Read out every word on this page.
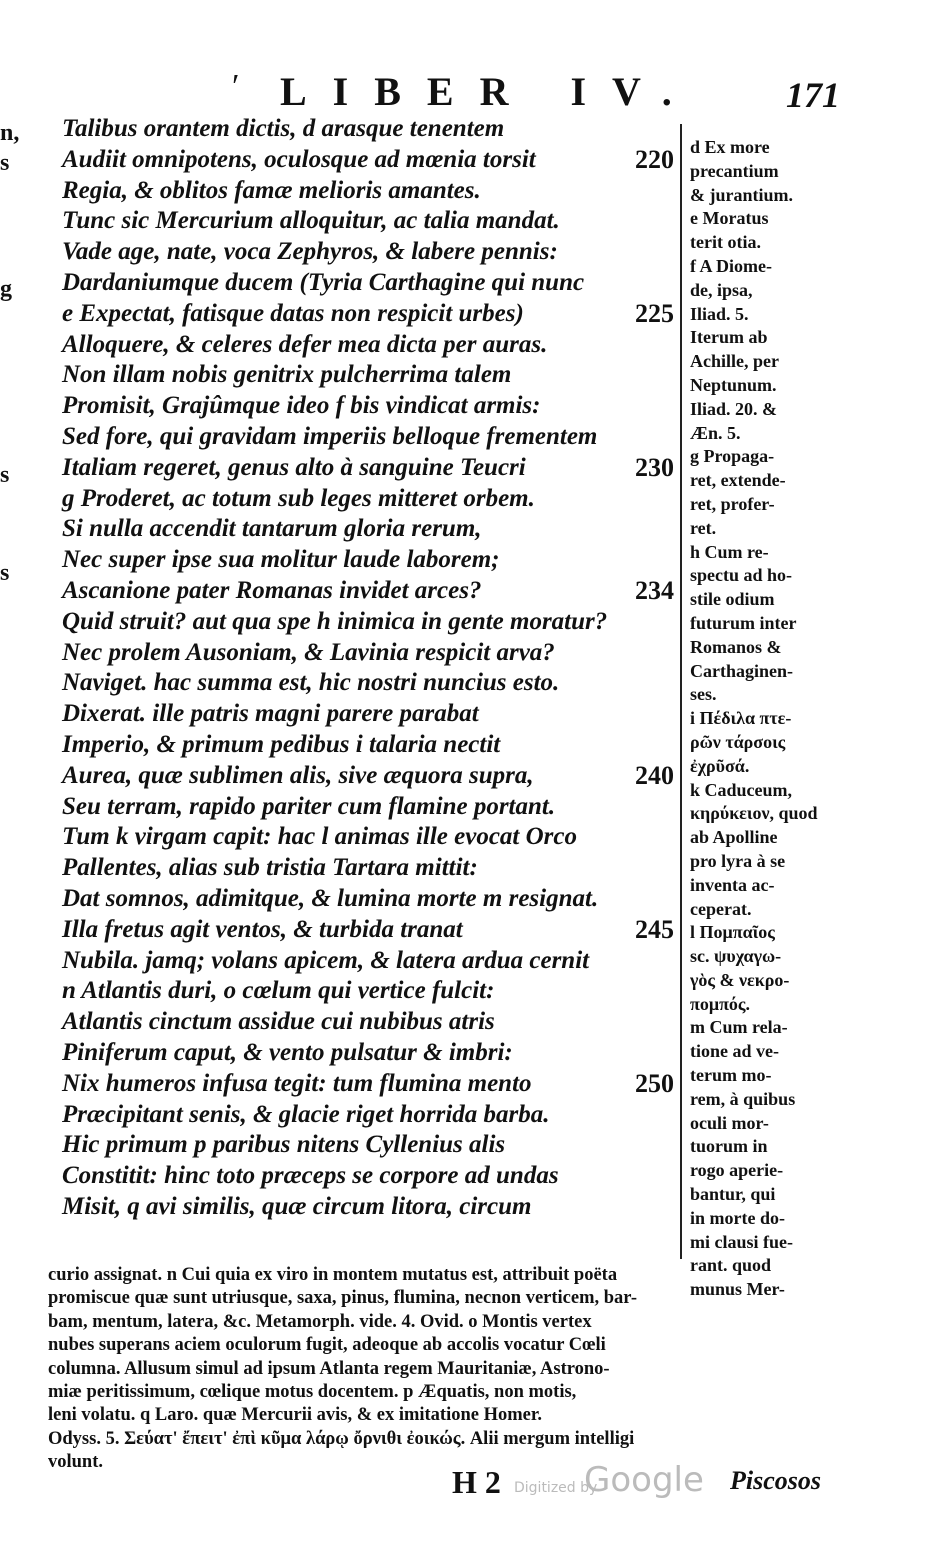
′ LIBER IV. 171
n,
s
g
s
s
Talibus orantem dictis, d arasque tenentem
Audiit omnipotens, oculosque ad mœnia torsit	220
Regia, & oblitos famæ melioris amantes.
Tunc sic Mercurium alloquitur, ac talia mandat.
Vade age, nate, voca Zephyros, & labere pennis:
Dardaniumque ducem (Tyria Carthagine qui nunc
e Expectat, fatisque datas non respicit urbes)	225
Alloquere, & celeres defer mea dicta per auras.
Non illam nobis genitrix pulcherrima talem
Promisit, Grajûmque ideo f bis vindicat armis:
Sed fore, qui gravidam imperiis belloque frementem
Italiam regeret, genus alto à sanguine Teucri	230
g Proderet, ac totum sub leges mitteret orbem.
Si nulla accendit tantarum gloria rerum,
Nec super ipse sua molitur laude laborem;
Ascanione pater Romanas invidet arces?	234
Quid struit? aut qua spe h inimica in gente moratur?
Nec prolem Ausoniam, & Lavinia respicit arva?
Naviget. hac summa est, hic nostri nuncius esto.
Dixerat. ille patris magni parere parabat
Imperio, & primum pedibus i talaria nectit
Aurea, quæ sublimen alis, sive æquora supra,	240
Seu terram, rapido pariter cum flamine portant.
Tum k virgam capit: hac l animas ille evocat Orco
Pallentes, alias sub tristia Tartara mittit:
Dat somnos, adimitque, & lumina morte m resignat.
Illa fretus agit ventos, & turbida tranat	245
Nubila. jamq; volans apicem, & latera ardua cernit
n Atlantis duri, o cœlum qui vertice fulcit:
Atlantis cinctum assidue cui nubibus atris
Piniferum caput, & vento pulsatur & imbri:
Nix humeros infusa tegit: tum flumina mento	250
Præcipitant senis, & glacie riget horrida barba.
Hic primum p paribus nitens Cyllenius alis
Constitit: hinc toto præceps se corpore ad undas
Misit, q avi similis, quæ circum litora, circum
d Ex more
precantium
& jurantium.
e Moratus
terit otia.
f A Diome-
de, ipsa,
Iliad. 5.
Iterum ab
Achille, per
Neptunum.
Iliad. 20. &
Æn. 5.
g Propaga-
ret, extende-
ret, profer-
ret.
h Cum re-
spectu ad ho-
stile odium
futurum inter
Romanos &
Carthaginen-
ses.
i Πέδιλα πτε-
ρῶν τάρσοις
ἐχρῦσά.
k Caduceum,
κηρύκειον, quod
ab Apolline
pro lyra à se
inventa ac-
ceperat.
l Πομπαῖος
sc. ψυχαγω-
γὸς & νεκρο-
πομπός.
m Cum rela-
tione ad ve-
terum mo-
rem, à quibus
oculi mor-
tuorum in
rogo aperie-
bantur, qui
in morte do-
mi clausi fue-
rant. quod
munus Mer-
curio assignat. n Cui quia ex viro in montem mutatus est, attribuit poëta
promiscue quæ sunt utriusque, saxa, pinus, flumina, necnon verticem, bar-
bam, mentum, latera, &c. Metamorph. vide. 4. Ovid. o Montis vertex
nubes superans aciem oculorum fugit, adeoque ab accolis vocatur Cœli
columna. Allusum simul ad ipsum Atlanta regem Mauritaniæ, Astrono-
miæ peritissimum, cœlique motus docentem. p Æquatis, non motis,
leni volatu. q Laro. quæ Mercurii avis, & ex imitatione Homer.
Odyss. 5. Σεύατ' ἔπειτ' ἐπὶ κῦμα λάρῳ ὄρνιθι ἐοικώς. Alii mergum intelligi
volunt.
H 2 Digitized by
Google Piscosos
